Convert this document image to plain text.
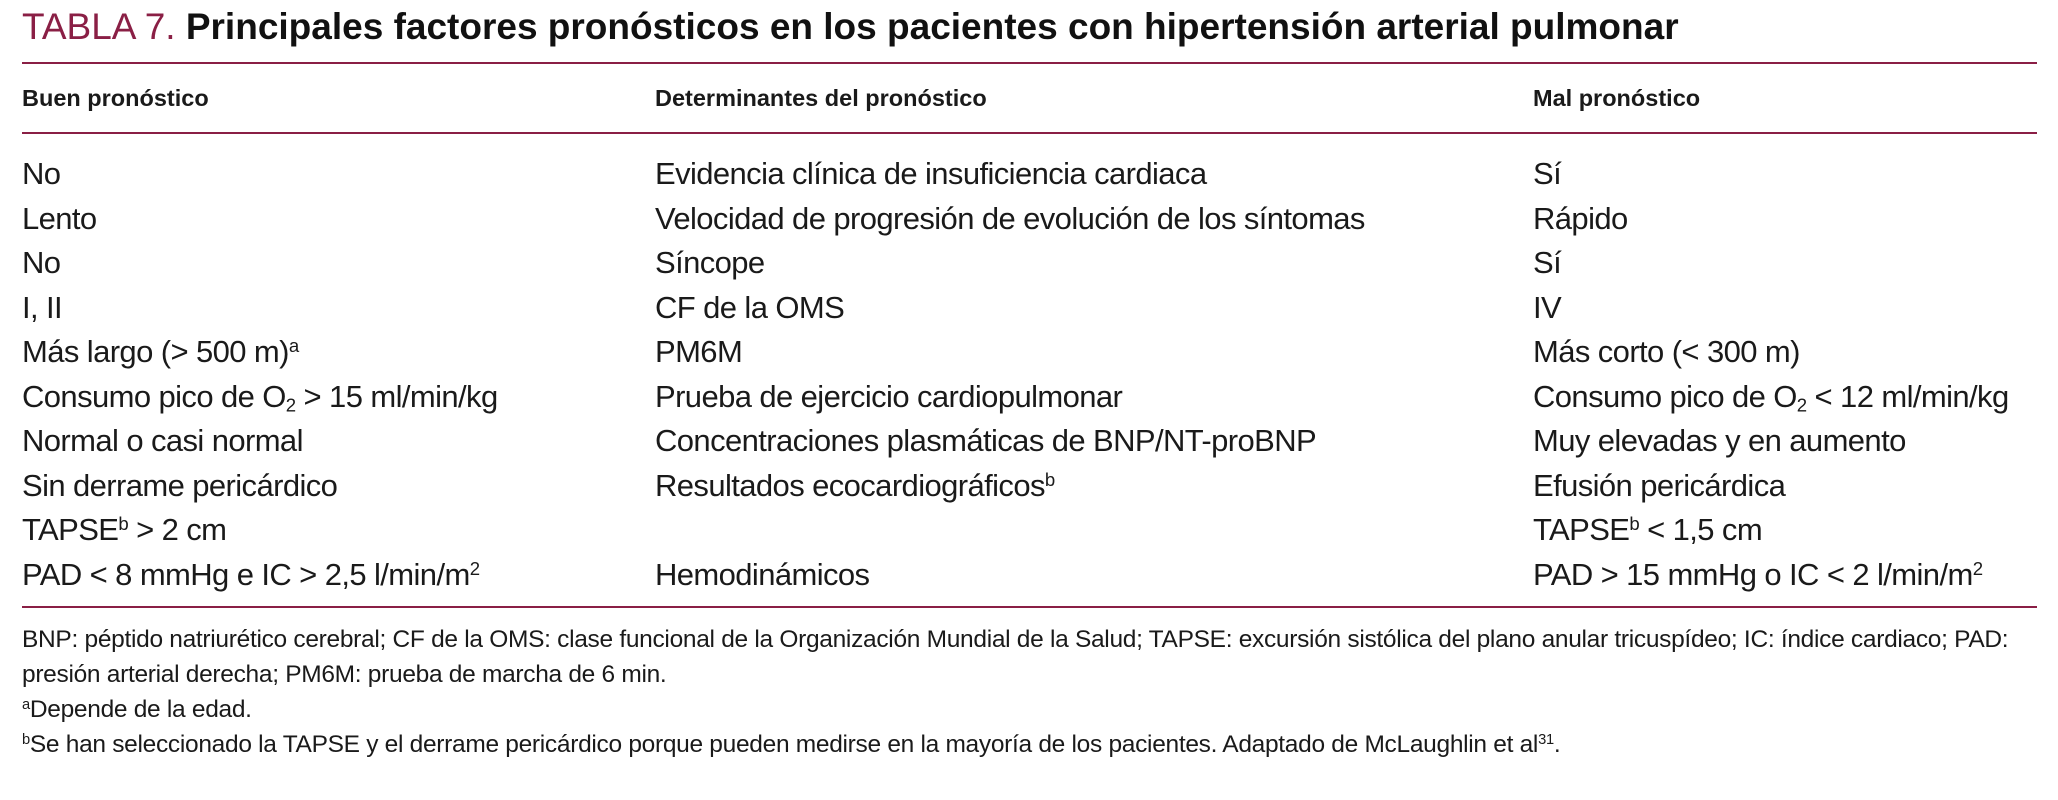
TABLA 7. Principales factores pronósticos en los pacientes con hipertensión arterial pulmonar
Buen pronóstico	Determinantes del pronóstico	Mal pronóstico
No
Lento
No
I, II
Más largo (> 500 m)$^a$
Consumo pico de $O_2 > 15$ ml/min/kg
Normal o casi normal
Sin derrame pericárdico
$TAPSE^b > 2$ cm
PAD < 8 mmHg e IC > 2,5 $l/\min/m^2$
Evidencia clínica de insuficiencia cardiaca
Velocidad de progresión de evolución de los síntomas
Síncope
CF de la OMS
PM6M
Prueba de ejercicio cardiopulmonar
Concentraciones plasmáticas de BNP/NT-proBNP
Resultados ecocardiográficos$^b$
Hemodinámicos
Sí
Rápido
Sí
IV
Más corto (< 300 m)
Consumo pico de $O_2 < 12$ ml/min/kg
Muy elevadas y en aumento
Efusión pericárdica
$TAPSE^b < 1,5$ cm
PAD > 15 mmHg o IC < 2 $l/\min/m^2$

BNP: péptido natriurético cerebral; CF de la OMS: clase funcional de la Organización Mundial de la Salud; TAPSE: excursión sistólica del plano anular tricuspídeo; IC: índice cardiaco; PAD: presión arterial derecha; PM6M: prueba de marcha de 6 min.

$^a$Depende de la edad.

$^b$Se han seleccionado la TAPSE y el derrame pericárdico porque pueden medirse en la mayoría de los pacientes. Adaptado de McLaughlin et $al^{31}$.
